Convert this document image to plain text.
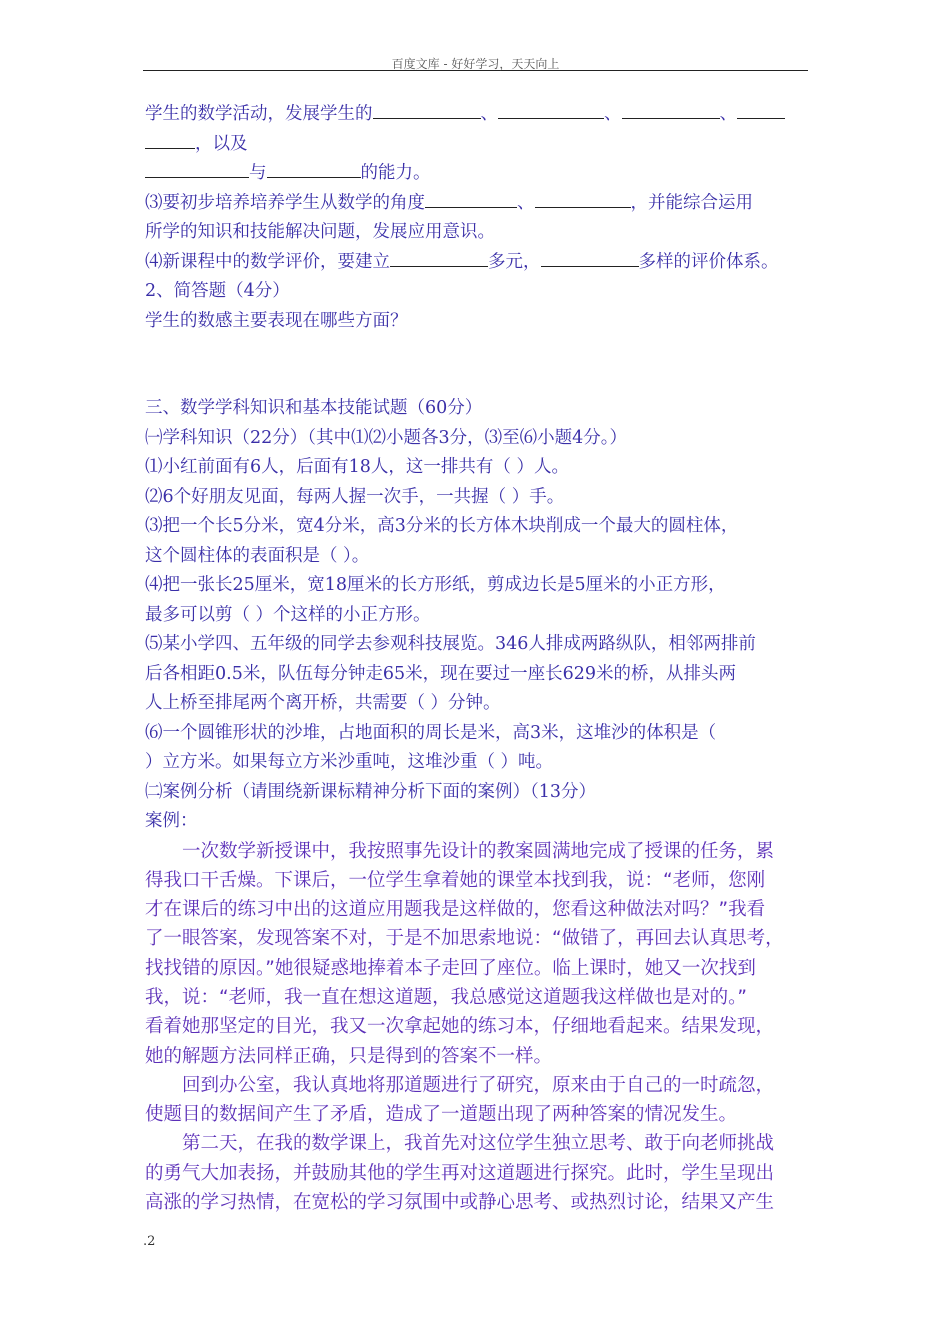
百度文库 - 好好学习，天天向上
学生的数学活动，发展学生的	、	、	、
，以及
与	的能力。
⑶要初步培养培养学生从数学的角度	、	，并能综合运用
所学的知识和技能解决问题，发展应用意识。
⑷新课程中的数学评价，要建立	多元，	多样的评价体系。
2、简答题（4分）
学生的数感主要表现在哪些方面？
三、数学学科知识和基本技能试题（60分）
㈠学科知识（22分）（其中⑴⑵小题各3分，⑶至⑹小题4分。）
⑴小红前面有6人，后面有18人，这一排共有（ ）人。
⑵6个好朋友见面，每两人握一次手，一共握（ ）手。
⑶把一个长5分米，宽4分米，高3分米的长方体木块削成一个最大的圆柱体，
这个圆柱体的表面积是（ ）。
⑷把一张长25厘米，宽18厘米的长方形纸，剪成边长是5厘米的小正方形，
最多可以剪（ ）个这样的小正方形。
⑸某小学四、五年级的同学去参观科技展览。346人排成两路纵队，相邻两排前
后各相距0.5米，队伍每分钟走65米，现在要过一座长629米的桥，从排头两
人上桥至排尾两个离开桥，共需要（ ）分钟。
⑹一个圆锥形状的沙堆，占地面积的周长是米，高3米，这堆沙的体积是（
）立方米。如果每立方米沙重吨，这堆沙重（ ）吨。
㈡案例分析（请围绕新课标精神分析下面的案例）（13分）
案例：
一次数学新授课中，我按照事先设计的教案圆满地完成了授课的任务，累
得我口干舌燥。下课后，一位学生拿着她的课堂本找到我，说：“老师，您刚
才在课后的练习中出的这道应用题我是这样做的，您看这种做法对吗？”我看
了一眼答案，发现答案不对，于是不加思索地说：“做错了，再回去认真思考，
找找错的原因。”她很疑惑地捧着本子走回了座位。临上课时，她又一次找到
我，说：“老师，我一直在想这道题，我总感觉这道题我这样做也是对的。”
看着她那坚定的目光，我又一次拿起她的练习本，仔细地看起来。结果发现，
她的解题方法同样正确，只是得到的答案不一样。
回到办公室，我认真地将那道题进行了研究，原来由于自己的一时疏忽，
使题目的数据间产生了矛盾，造成了一道题出现了两种答案的情况发生。
第二天，在我的数学课上，我首先对这位学生独立思考、敢于向老师挑战
的勇气大加表扬，并鼓励其他的学生再对这道题进行探究。此时，学生呈现出
高涨的学习热情，在宽松的学习氛围中或静心思考、或热烈讨论，结果又产生
.2
